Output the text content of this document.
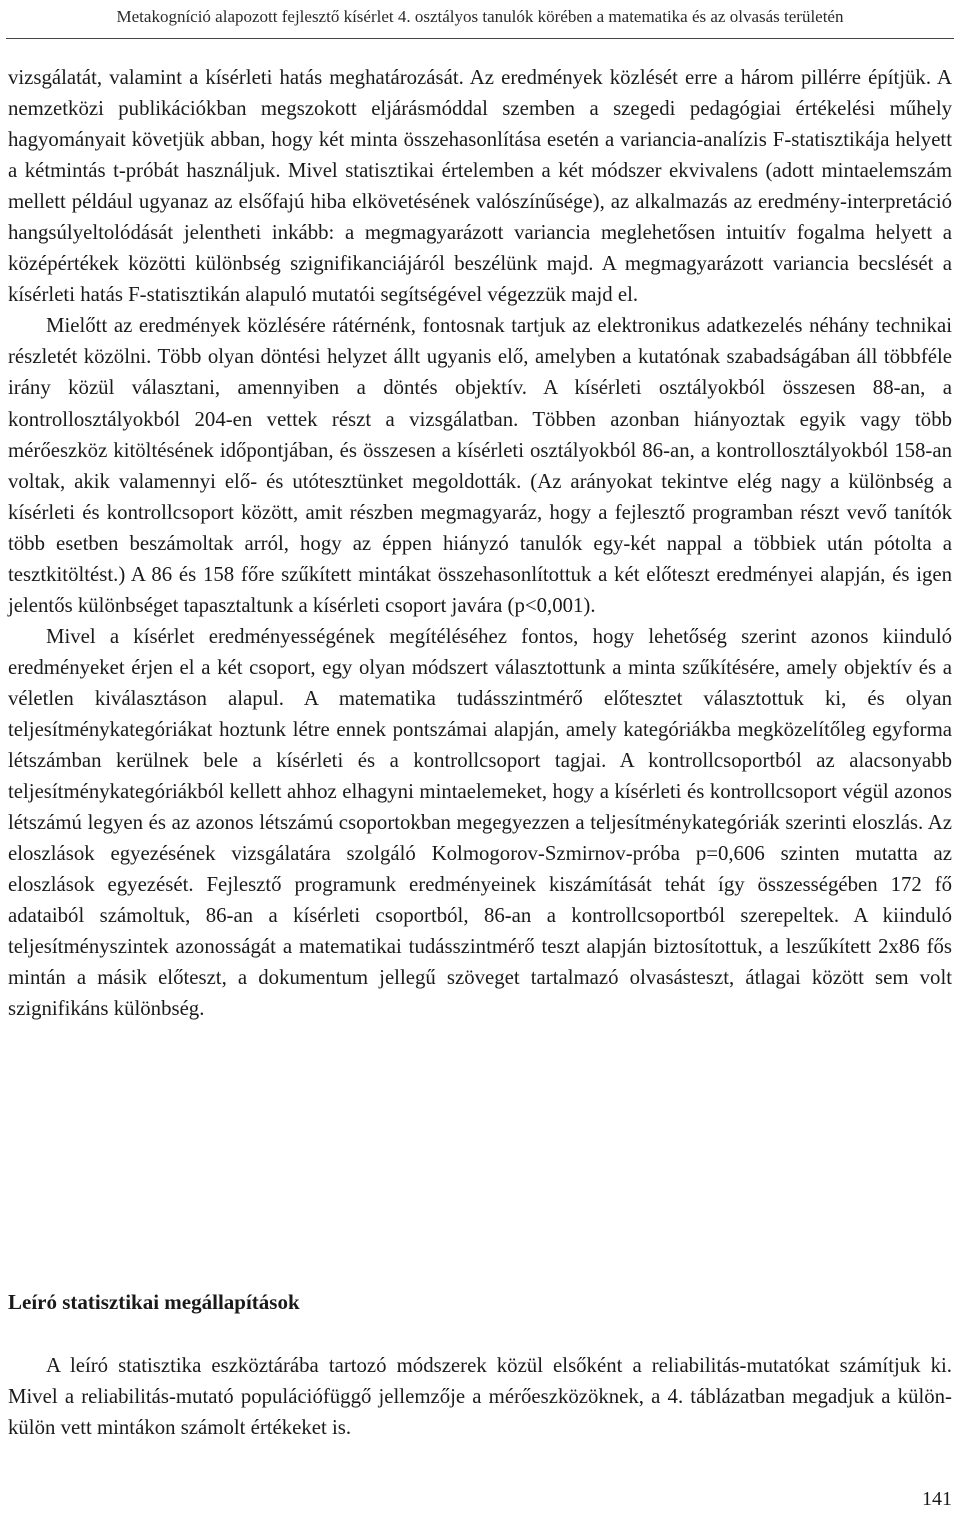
Metakogníció alapozott fejlesztő kísérlet 4. osztályos tanulók körében a matematika és az olvasás területén

vizsgálatát, valamint a kísérleti hatás meghatározását. Az eredmények közlését erre a három pillérre építjük. A nemzetközi publikációkban megszokott eljárásmóddal szemben a szegedi pedagógiai értékelési műhely hagyományait követjük abban, hogy két minta összehasonlítása esetén a variancia-analízis F-statisztikája helyett a kétmintás t-próbát használjuk. Mivel statisztikai értelemben a két módszer ekvivalens (adott mintaelemszám mellett például ugyanaz az elsőfajú hiba elkövetésének valószínűsége), az alkalmazás az eredmény-interpretáció hangsúlyeltolódását jelentheti inkább: a megmagyarázott variancia meglehetősen intuitív fogalma helyett a középértékek közötti különbség szignifikanciájáról beszélünk majd. A megmagyarázott variancia becslését a kísérleti hatás F-statisztikán alapuló mutatói segítségével végezzük majd el.

Mielőtt az eredmények közlésére rátérnénk, fontosnak tartjuk az elektronikus adatkezelés néhány technikai részletét közölni. Több olyan döntési helyzet állt ugyanis elő, amelyben a kutatónak szabadságában áll többféle irány közül választani, amennyiben a döntés objektív. A kísérleti osztályokból összesen 88-an, a kontrollosztályokból 204-en vettek részt a vizsgálatban. Többen azonban hiányoztak egyik vagy több mérőeszköz kitöltésének időpontjában, és összesen a kísérleti osztályokból 86-an, a kontrollosztályokból 158-an voltak, akik valamennyi elő- és utótesztünket megoldották. (Az arányokat tekintve elég nagy a különbség a kísérleti és kontrollcsoport között, amit részben megmagyaráz, hogy a fejlesztő programban részt vevő tanítók több esetben beszámoltak arról, hogy az éppen hiányzó tanulók egy-két nappal a többiek után pótolta a tesztkitöltést.) A 86 és 158 főre szűkített mintákat összehasonlítottuk a két előteszt eredményei alapján, és igen jelentős különbséget tapasztaltunk a kísérleti csoport javára (p<0,001).

Mivel a kísérlet eredményességének megítéléséhez fontos, hogy lehetőség szerint azonos kiinduló eredményeket érjen el a két csoport, egy olyan módszert választottunk a minta szűkítésére, amely objektív és a véletlen kiválasztáson alapul. A matematika tudásszintmérő előtesztet választottuk ki, és olyan teljesítménykategóriákat hoztunk létre ennek pontszámai alapján, amely kategóriákba megközelítőleg egyforma létszámban kerülnek bele a kísérleti és a kontrollcsoport tagjai. A kontrollcsoportból az alacsonyabb teljesítménykategóriákból kellett ahhoz elhagyni mintaelemeket, hogy a kísérleti és kontrollcsoport végül azonos létszámú legyen és az azonos létszámú csoportokban megegyezzen a teljesítménykategóriák szerinti eloszlás. Az eloszlások egyezésének vizsgálatára szolgáló Kolmogorov-Szmirnov-próba p=0,606 szinten mutatta az eloszlások egyezését. Fejlesztő programunk eredményeinek kiszámítását tehát így összességében 172 fő adataiból számoltuk, 86-an a kísérleti csoportból, 86-an a kontrollcsoportból szerepeltek. A kiinduló teljesítményszintek azonosságát a matematikai tudásszintmérő teszt alapján biztosítottuk, a leszűkített 2x86 fős mintán a másik előteszt, a dokumentum jellegű szöveget tartalmazó olvasásteszt, átlagai között sem volt szignifikáns különbség.

Leíró statisztikai megállapítások

A leíró statisztika eszköztárába tartozó módszerek közül elsőként a reliabilitás-mutatókat számítjuk ki. Mivel a reliabilitás-mutató populációfüggő jellemzője a mérőeszközöknek, a 4. táblázatban megadjuk a külön-külön vett mintákon számolt értékeket is.

141
